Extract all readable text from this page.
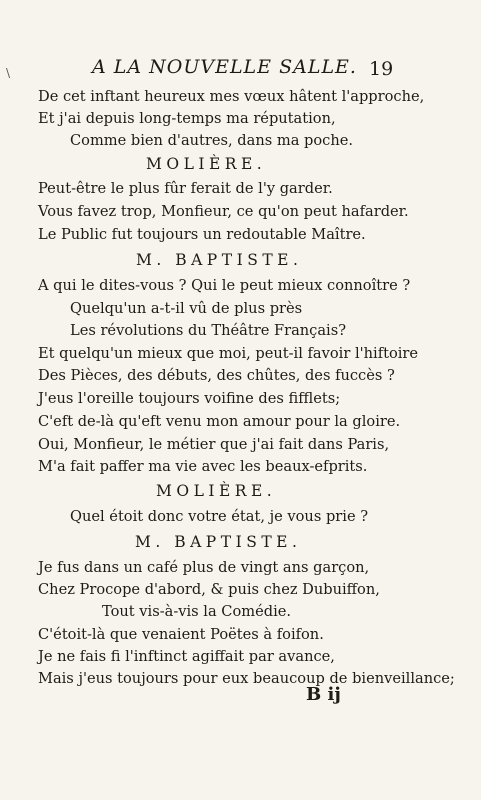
\	A LA NOUVELLE SALLE. 19
De cet inftant heureux mes vœux hâtent l'approche,
Et j'ai depuis long-temps ma réputation,
Comme bien d'autres, dans ma poche.
MOLIÈRE.
Peut-être le plus fûr ferait de l'y garder.
Vous favez trop, Monfieur, ce qu'on peut hafarder.
Le Public fut toujours un redoutable Maître.
M. BAPTISTE.
A qui le dites-vous ? Qui le peut mieux connoître ?
Quelqu'un a-t-il vû de plus près
Les révolutions du Théâtre Français?
Et quelqu'un mieux que moi, peut-il favoir l'hiftoire
Des Pièces, des débuts, des chûtes, des fuccès ?
J'eus l'oreille toujours voifine des fifflets;
C'eft de-là qu'eft venu mon amour pour la gloire.
Oui, Monfieur, le métier que j'ai fait dans Paris,
M'a fait paffer ma vie avec les beaux-efprits.
MOLIÈRE.
Quel étoit donc votre état, je vous prie ?
M. BAPTISTE.
Je fus dans un café plus de vingt ans garçon,
Chez Procope d'abord, & puis chez Dubuiffon,
Tout vis-à-vis la Comédie.
C'étoit-là que venaient Poëtes à foifon.
Je ne fais fi l'inftinct agiffait par avance,
Mais j'eus toujours pour eux beaucoup de bienveillance;
B ij
